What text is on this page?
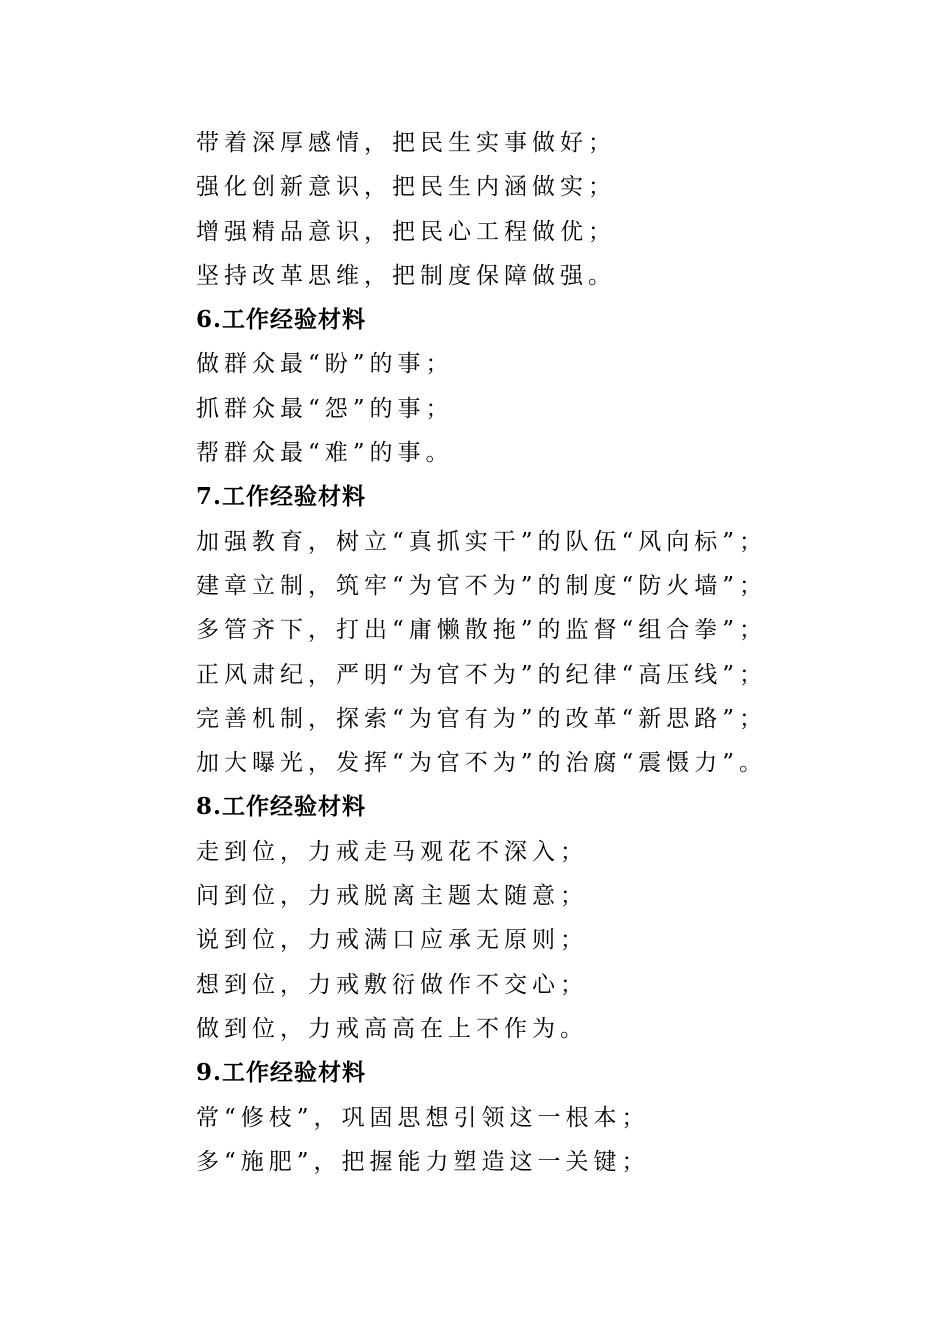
带着深厚感情，把民生实事做好；
强化创新意识，把民生内涵做实；
增强精品意识，把民心工程做优；
坚持改革思维，把制度保障做强。
6.工作经验材料
做群众最“盼”的事；
抓群众最“怨”的事；
帮群众最“难”的事。
7.工作经验材料
加强教育，树立“真抓实干”的队伍“风向标”；
建章立制，筑牢“为官不为”的制度“防火墙”；
多管齐下，打出“庸懒散拖”的监督“组合拳”；
正风肃纪，严明“为官不为”的纪律“高压线”；
完善机制，探索“为官有为”的改革“新思路”；
加大曝光，发挥“为官不为”的治腐“震慑力”。
8.工作经验材料
走到位，力戒走马观花不深入；
问到位，力戒脱离主题太随意；
说到位，力戒满口应承无原则；
想到位，力戒敷衍做作不交心；
做到位，力戒高高在上不作为。
9.工作经验材料
常“修枝”，巩固思想引领这一根本；
多“施肥”，把握能力塑造这一关键；
